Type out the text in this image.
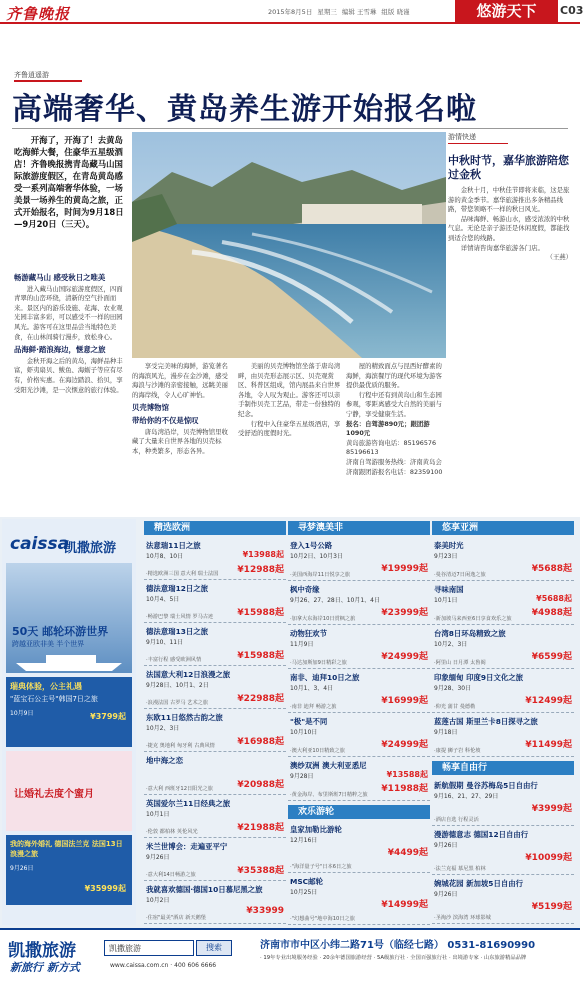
齐鲁晚报	2015年8月5日 星期三 编辑 王雪琳 组版 晓谨	悠游天下	C03
齐鲁逍遥游
高端奢华、黄岛养生游开始报名啦
开海了，开海了！去黄岛吃海鲜大餐，住豪华五星级酒店！齐鲁晚报携青岛藏马山国际旅游度假区，在青岛黄岛感受一系列高端奢华体验，一场美景一场养生的黄岛之旅，正式开始报名，时间为9月18日—9月20日（三天）。
畅游藏马山 感受秋日之唯美

进入藏马山国际旅游度假区，四面青翠的山峦环绕，清新的空气扑面而来。景区内的游乐设施、花海、农业观光园丰富多彩，可以感受不一样的田园风光。游客可在这里品尝当地特色美食，在山林间骑行漫步，放松身心。

品海鲜·踏浪海边，惬意之旅

金秋开海之后的黄岛，海鲜品种丰富，虾夷扇贝、鲅鱼、海蛎子等应有尽有，价格实惠。在海边踏浪、拾贝，享受阳光沙滩，是一次惬意的旅行体验。

享受完美味的海鲜，游览著名的海滨风光，漫步在金沙滩，感受海浪与沙滩的亲密接触，远眺美丽的海岸线，令人心旷神怡。

贝壳博物馆
带给你的不仅是惊叹

唐岛湾沿岸，贝壳博物馆里收藏了大量来自世界各地的贝壳标本，种类繁多，形态各异。

美丽的贝壳博物馆坐落于唐岛湾畔，由贝壳形态展示区、贝壳观赏区、科普区组成，馆内展品来自世界各地，令人叹为观止。游客还可以亲手制作贝壳工艺品，带走一份独特的纪念。

行程中入住豪华五星级酒店，享受舒适的度假时光。

屋的精致面点与昆西好酵素的海鲜，海滨餐厅的现代环境为游客提供最优质的服务。

行程中还有到黄岛山和生态园参观，零距离感受大自然的美丽与宁静，享受健康生活。

报名：自驾游890元；跟团游1090元

黄岛旅游咨询电话：85196576

85196613

济南自驾游服务热线：济南黄岛会

济南跟团游报名电话：82359100

游情快递
中秋时节，嘉华旅游陪您过金秋

金秋十月，中秋佳节即将来临，这是旅游的黄金季节。嘉华旅游推出多条精品线路，带您领略不一样的秋日风光。

品味海鲜、畅游山水，感受浓浓的中秋气息。无论是亲子游还是休闲度假，都能找到适合您的线路。

详情请咨询嘉华旅游各门店。

（王燕）

caissa
凯撒旅游
50天 邮轮环游世界
跨越亚欧非美 半个世界
瑞典体验，公主礼遇
"蓝宝石公主号"韩国7日之旅
10月9日	¥3799起
让婚礼去度个蜜月
我的海外婚礼 德国法兰克 法国13日浪漫之旅
9月26日
¥35999起
精选欧洲
法意瑞11日之旅
10月8、10日	¥13988起
¥12988起
·精选欧洲三国 意大利 瑞士法国
德法意瑞12日之旅
10月4、5日
¥15988起
·畅游巴黎 瑞士风情 罗马古迹
德法意瑞13日之旅
9月10、11日
¥15988起
·丰富行程 感受欧洲风情
法国意大利12日浪漫之旅
9月28日、10月1、2日
¥22988起
·浪漫法国 古罗马 艺术之旅
东欧11日悠然古韵之旅
10月2、3日
¥16988起
·捷克 奥地利 匈牙利 古典风情
地中海之恋
¥20988起
·意大利 西班牙12日阳光之旅
英国爱尔兰11日经典之旅
10月1日
¥21988起
·伦敦 都柏林 英伦风光
米兰世博会：走遍亚平宁
9月26日
¥35388起
·意大利14日畅游之旅
我就喜欢德国·德国10日慕尼黑之旅
10月2日
¥33999
·住宿"最美"酒店 新天鹅堡
寻梦澳美非
登入1号公路
10月2日、10月3日
¥19999起
·美国西海岸11日悦享之旅
枫中奇缘
9月26、27、28日、10月1、4日
¥23999起
·加拿大东海岸10日赏枫之旅
动物狂欢节
11月9日
¥24999起
·马达加斯加9日精彩之旅
南非、迪拜10日之旅
10月1、3、4日
¥16999起
·南非 迪拜 畅游之旅
"极"是不同
10月10日
¥24999起
·澳大利亚10日精致之旅
澳纱双洲 澳大利亚悉尼
9月28日	¥13588起
¥11988起
·黄金海岸、布里斯班7日精粹之旅
欢乐游轮
皇家加勒比游轮
12月16日
¥4499起
·"海洋量子号"日本6日之旅
MSC邮轮
10月25日
¥14999起
·"幻想曲号"地中海10日之旅
悠享亚洲
泰美时光
9月23日
¥5688起
·曼谷清迈7日闲逸之旅
寻味南国
10月1日	¥5688起
¥4988起
·新加坡马来西亚6日享食欢乐之旅
台湾8日环岛精致之旅
10月2、3日
¥6599起
·阿里山 日月潭 太鲁阁
印象缅甸 印度9日文化之旅
9月28、30日
¥12499起
·仰光 蒲甘 曼德勒
蓝莲古国 斯里兰卡8日探寻之旅
9月18日
¥11499起
·康提 狮子岩 科伦坡
畅享自由行
新航假期 曼谷苏梅岛5日自由行
9月16、21、27、29日
¥3999起
·酒店自选 行程灵活
漫游德意志 德国12日自由行
9月26日
¥10099起
·法兰克福 慕尼黑 柏林
婉城花园 新加坡5日自由行
9月26日
¥5199起
·圣淘沙 滨海湾 环球影城
凯撒旅游
新旅行 新方式
凯撒旅游	搜索
www.caissa.com.cn · 400 606 6666
济南市市中区小纬二路71号（临经七路） 0531-81690990
· 19年专业出境服务经验 · 20余年德国旅游经营 · 5A级旅行社 · 全国百强旅行社 · 出境游专家 · 山东旅游精品品牌
